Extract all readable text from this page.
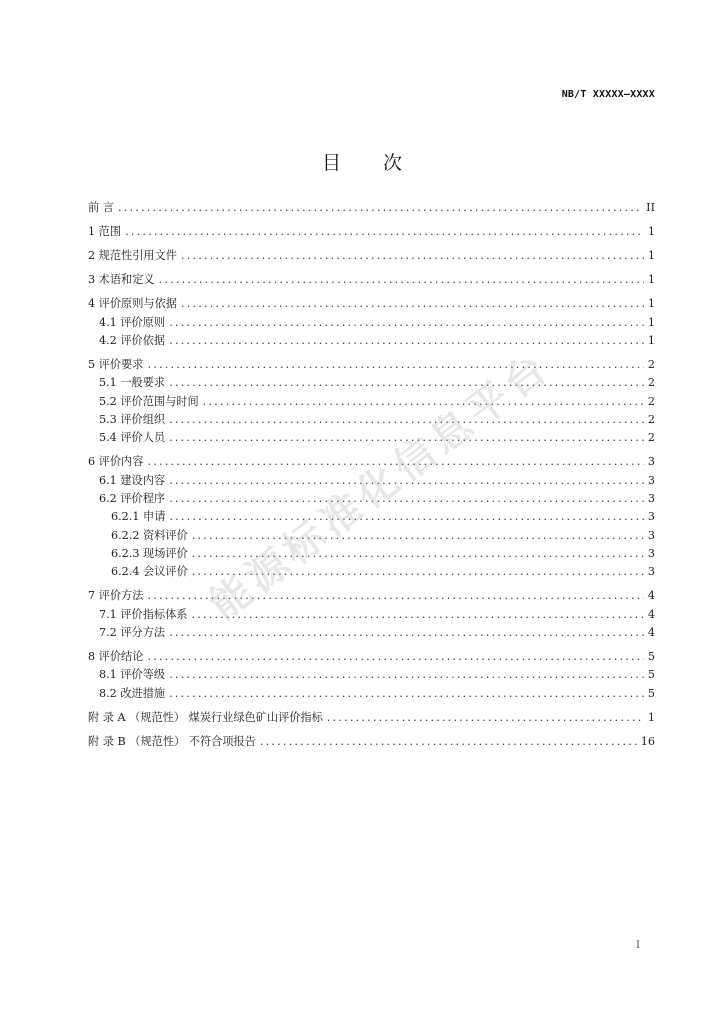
NB/T XXXXX—XXXX
目 次
前 言 .....	II
1 范围 .....	1
2 规范性引用文件 .....	1
3 术语和定义 .....	1
4 评价原则与依据 .....	1
4.1 评价原则 .....	1
4.2 评价依据 .....	1
5 评价要求 .....	2
5.1 一般要求 .....	2
5.2 评价范围与时间 .....	2
5.3 评价组织 .....	2
5.4 评价人员 .....	2
6 评价内容 .....	3
6.1 建设内容 .....	3
6.2 评价程序 .....	3
6.2.1 申请 .....	3
6.2.2 资料评价 .....	3
6.2.3 现场评价 .....	3
6.2.4 会议评价 .....	3
7 评价方法 .....	4
7.1 评价指标体系 .....	4
7.2 评分方法 .....	4
8 评价结论 .....	5
8.1 评价等级 .....	5
8.2 改进措施 .....	5
附 录 A （规范性） 煤炭行业绿色矿山评价指标 .....	1
附 录 B （规范性） 不符合项报告 .....	16
能源标准化信息平台
I
